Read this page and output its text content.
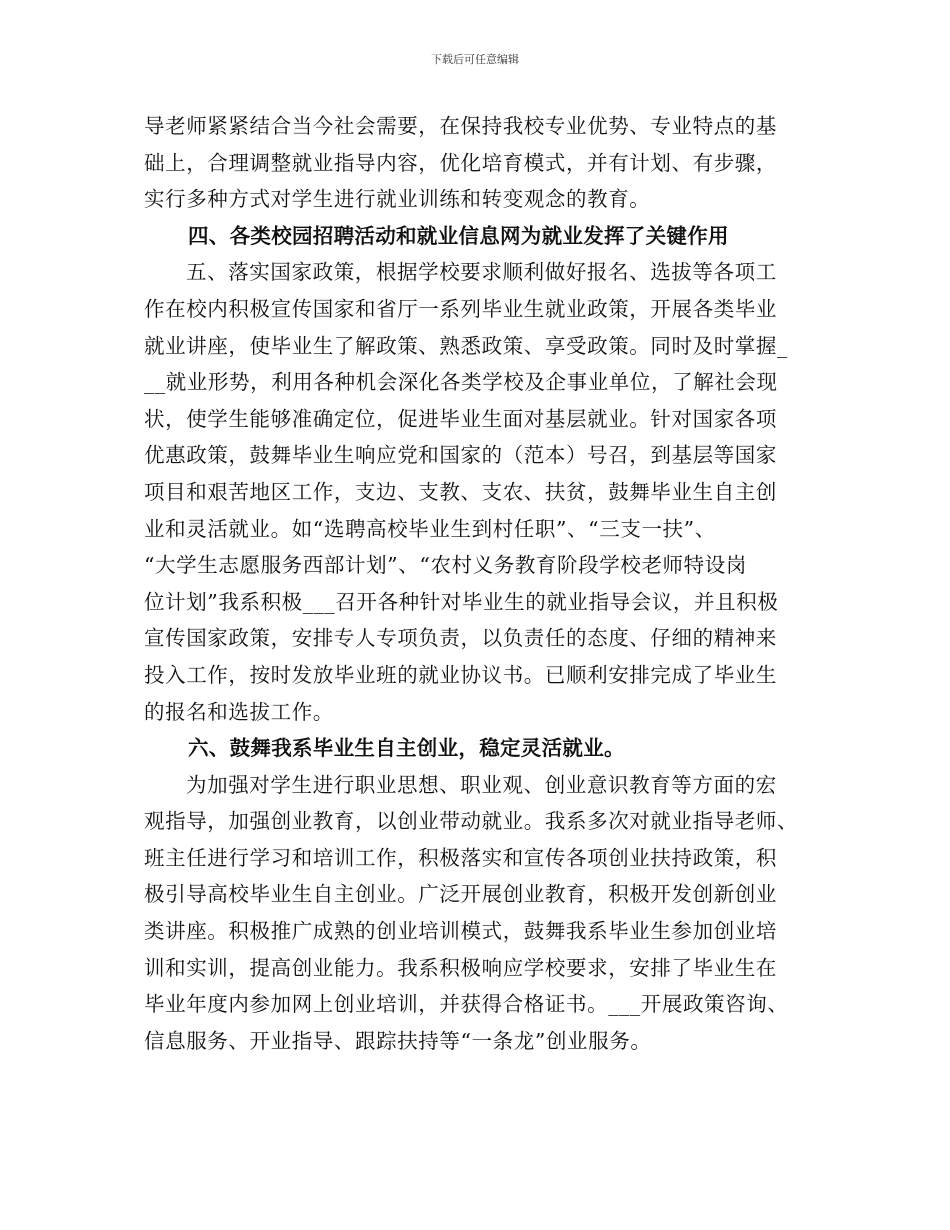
下载后可任意编辑
导老师紧紧结合当今社会需要，在保持我校专业优势、专业特点的基
础上，合理调整就业指导内容，优化培育模式，并有计划、有步骤，
实行多种方式对学生进行就业训练和转变观念的教育。
四、各类校园招聘活动和就业信息网为就业发挥了关键作用
五、落实国家政策，根据学校要求顺利做好报名、选拔等各项工
作在校内积极宣传国家和省厅一系列毕业生就业政策，开展各类毕业
就业讲座，使毕业生了解政策、熟悉政策、享受政策。同时及时掌握_
__就业形势，利用各种机会深化各类学校及企事业单位，了解社会现
状，使学生能够准确定位，促进毕业生面对基层就业。针对国家各项
优惠政策，鼓舞毕业生响应党和国家的（范本）号召，到基层等国家
项目和艰苦地区工作，支边、支教、支农、扶贫，鼓舞毕业生自主创
业和灵活就业。如“选聘高校毕业生到村任职”、“三支一扶”、
“大学生志愿服务西部计划”、“农村义务教育阶段学校老师特设岗
位计划”我系积极___召开各种针对毕业生的就业指导会议，并且积极
宣传国家政策，安排专人专项负责，以负责任的态度、仔细的精神来
投入工作，按时发放毕业班的就业协议书。已顺利安排完成了毕业生
的报名和选拔工作。
六、鼓舞我系毕业生自主创业，稳定灵活就业。
为加强对学生进行职业思想、职业观、创业意识教育等方面的宏
观指导，加强创业教育，以创业带动就业。我系多次对就业指导老师、
班主任进行学习和培训工作，积极落实和宣传各项创业扶持政策，积
极引导高校毕业生自主创业。广泛开展创业教育，积极开发创新创业
类讲座。积极推广成熟的创业培训模式，鼓舞我系毕业生参加创业培
训和实训，提高创业能力。我系积极响应学校要求，安排了毕业生在
毕业年度内参加网上创业培训，并获得合格证书。___开展政策咨询、
信息服务、开业指导、跟踪扶持等“一条龙”创业服务。
